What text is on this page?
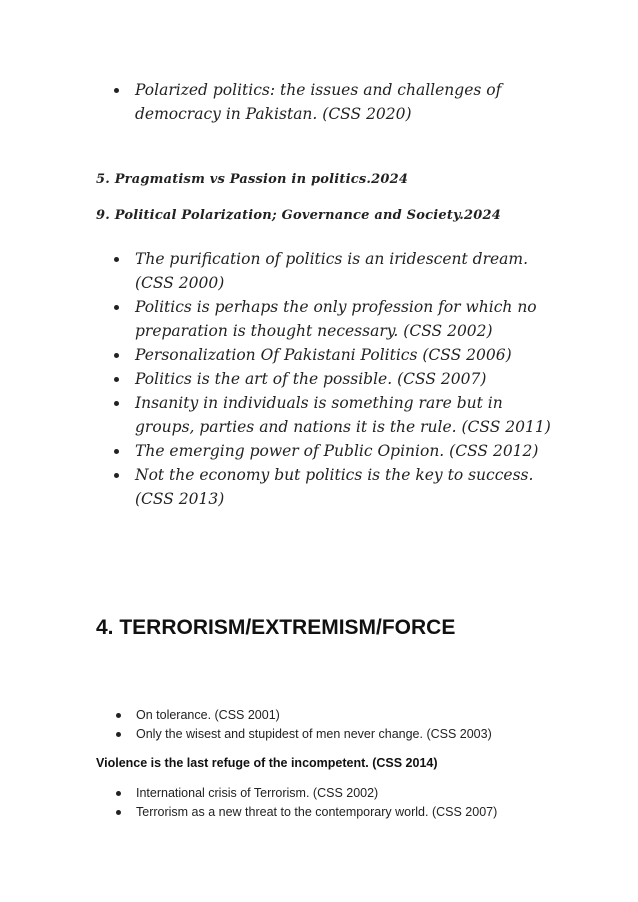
Polarized politics: the issues and challenges of democracy in Pakistan. (CSS 2020)
5. Pragmatism vs Passion in politics.2024
9. Political Polarization; Governance and Society.2024
The purification of politics is an iridescent dream. (CSS 2000)
Politics is perhaps the only profession for which no preparation is thought necessary. (CSS 2002)
Personalization Of Pakistani Politics (CSS 2006)
Politics is the art of the possible. (CSS 2007)
Insanity in individuals is something rare but in groups, parties and nations it is the rule. (CSS 2011)
The emerging power of Public Opinion. (CSS 2012)
Not the economy but politics is the key to success. (CSS 2013)
4. TERRORISM/EXTREMISM/FORCE
On tolerance. (CSS 2001)
Only the wisest and stupidest of men never change. (CSS 2003)
Violence is the last refuge of the incompetent. (CSS 2014)
International crisis of Terrorism. (CSS 2002)
Terrorism as a new threat to the contemporary world. (CSS 2007)
